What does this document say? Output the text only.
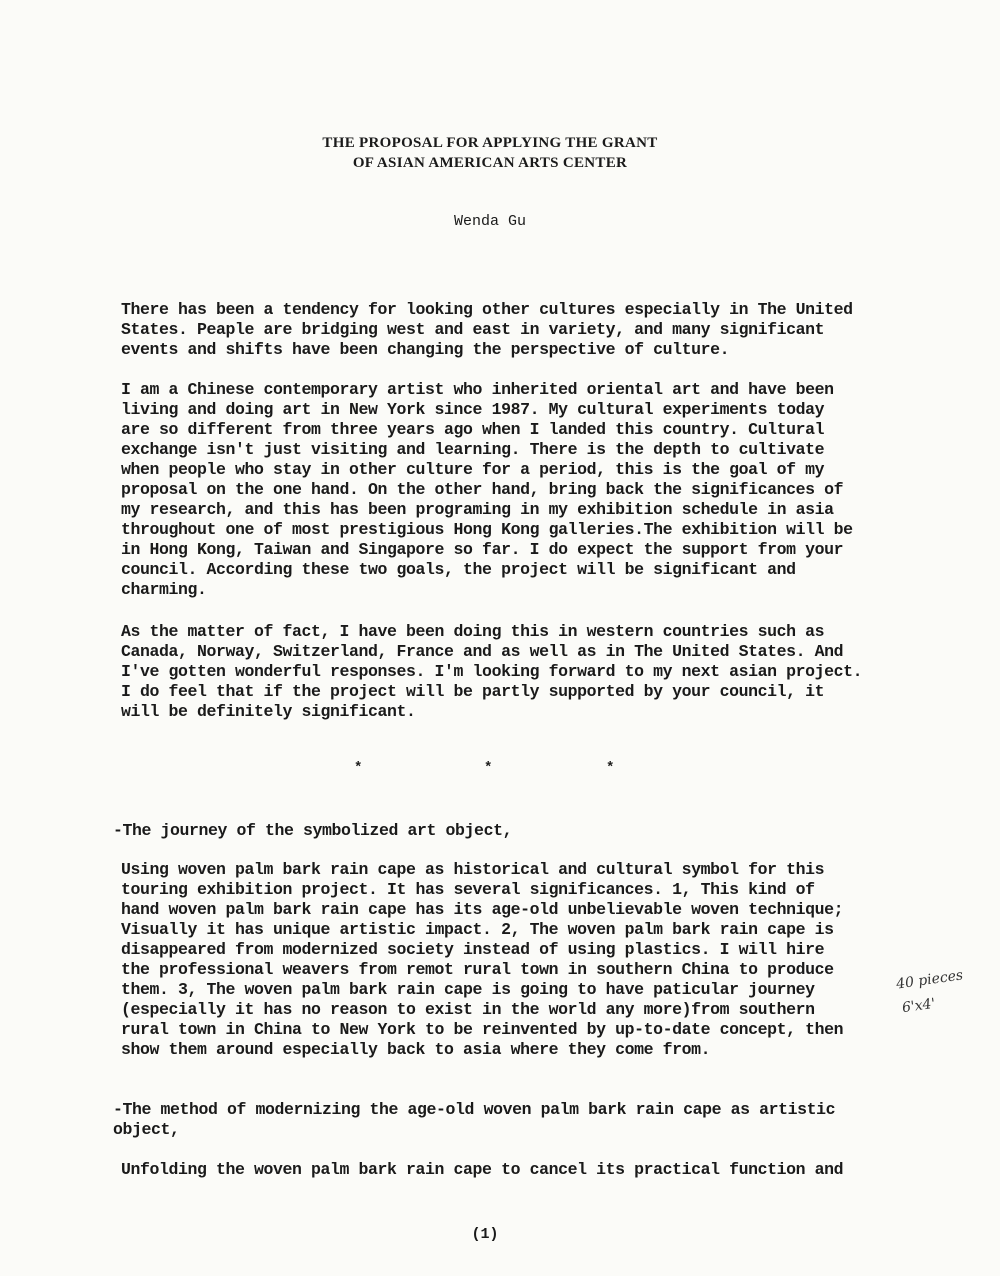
THE PROPOSAL FOR APPLYING THE GRANT
OF ASIAN AMERICAN ARTS CENTER
Wenda Gu
There has been a tendency for looking other cultures especially in The United
States. Peaple are bridging west and east in variety, and many significant
events and shifts have been changing the perspective of culture.
I am a Chinese contemporary artist who inherited oriental art and have been
living and doing art in New York since 1987. My cultural experiments today
are so different from three years ago when I landed this country. Cultural
exchange isn't just visiting and learning. There is the depth to cultivate
when people who stay in other culture for a period, this is the goal of my
proposal on the one hand. On the other hand, bring back the significances of
my research, and this has been programing in my exhibition schedule in asia
throughout one of most prestigious Hong Kong galleries.The exhibition will be
in Hong Kong, Taiwan and Singapore so far. I do expect the support from your
council. According these two goals, the project will be significant and
charming.
As the matter of fact, I have been doing this in western countries such as
Canada, Norway, Switzerland, France and as well as in The United States. And
I've gotten wonderful responses. I'm looking forward to my next asian project.
I do feel that if the project will be partly supported by your council, it
will be definitely significant.
*	*	*
-The journey of the symbolized art object,
Using woven palm bark rain cape as historical and cultural symbol for this
touring exhibition project. It has several significances. 1, This kind of
hand woven palm bark rain cape has its age-old unbelievable woven technique;
Visually it has unique artistic impact. 2, The woven palm bark rain cape is
disappeared from modernized society instead of using plastics. I will hire
the professional weavers from remot rural town in southern China to produce
them. 3, The woven palm bark rain cape is going to have paticular journey
(especially it has no reason to exist in the world any more)from southern
rural town in China to New York to be reinvented by up-to-date concept, then
show them around especially back to asia where they come from.
40 pieces
6'x4'
-The method of modernizing the age-old woven palm bark rain cape as artistic
object,
Unfolding the woven palm bark rain cape to cancel its practical function and
(1)
